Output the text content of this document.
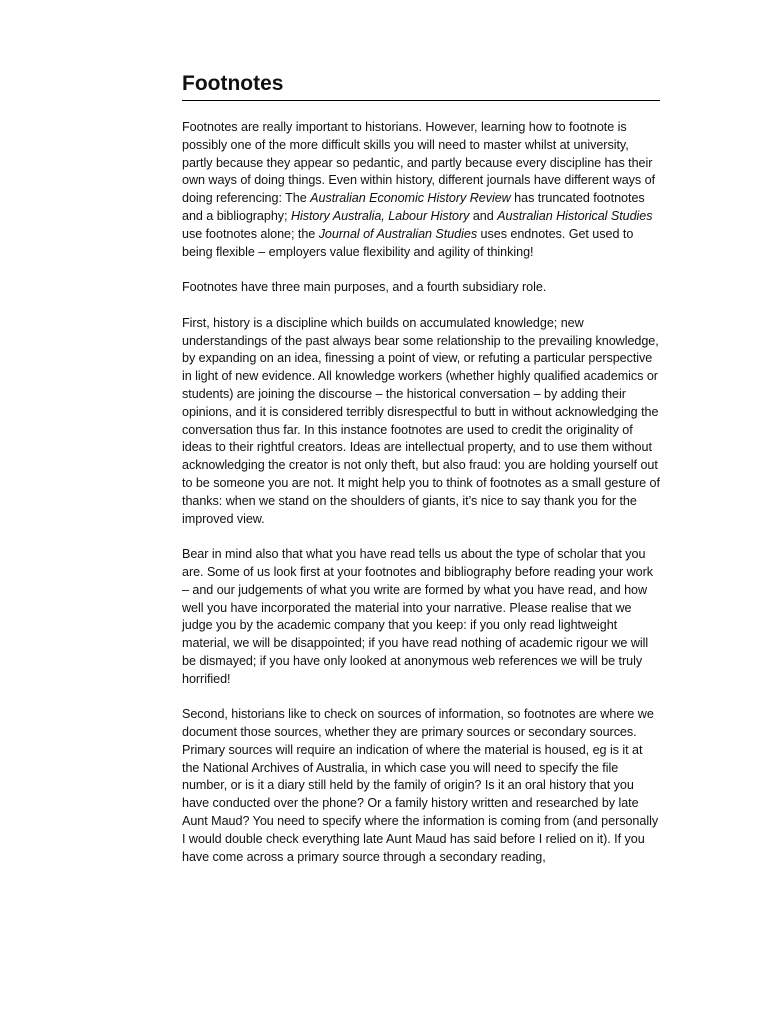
Footnotes

Footnotes are really important to historians. However, learning how to footnote is possibly one of the more difficult skills you will need to master whilst at university, partly because they appear so pedantic, and partly because every discipline has their own ways of doing things. Even within history, different journals have different ways of doing referencing: The Australian Economic History Review has truncated footnotes and a bibliography; History Australia, Labour History and Australian Historical Studies use footnotes alone; the Journal of Australian Studies uses endnotes. Get used to being flexible – employers value flexibility and agility of thinking!

Footnotes have three main purposes, and a fourth subsidiary role.

First, history is a discipline which builds on accumulated knowledge; new understandings of the past always bear some relationship to the prevailing knowledge, by expanding on an idea, finessing a point of view, or refuting a particular perspective in light of new evidence. All knowledge workers (whether highly qualified academics or students) are joining the discourse – the historical conversation – by adding their opinions, and it is considered terribly disrespectful to butt in without acknowledging the conversation thus far. In this instance footnotes are used to credit the originality of ideas to their rightful creators. Ideas are intellectual property, and to use them without acknowledging the creator is not only theft, but also fraud: you are holding yourself out to be someone you are not. It might help you to think of footnotes as a small gesture of thanks: when we stand on the shoulders of giants, it’s nice to say thank you for the improved view.

Bear in mind also that what you have read tells us about the type of scholar that you are. Some of us look first at your footnotes and bibliography before reading your work – and our judgements of what you write are formed by what you have read, and how well you have incorporated the material into your narrative. Please realise that we judge you by the academic company that you keep: if you only read lightweight material, we will be disappointed; if you have read nothing of academic rigour we will be dismayed; if you have only looked at anonymous web references we will be truly horrified!

Second, historians like to check on sources of information, so footnotes are where we document those sources, whether they are primary sources or secondary sources. Primary sources will require an indication of where the material is housed, eg is it at the National Archives of Australia, in which case you will need to specify the file number, or is it a diary still held by the family of origin? Is it an oral history that you have conducted over the phone? Or a family history written and researched by late Aunt Maud? You need to specify where the information is coming from (and personally I would double check everything late Aunt Maud has said before I relied on it). If you have come across a primary source through a secondary reading,
